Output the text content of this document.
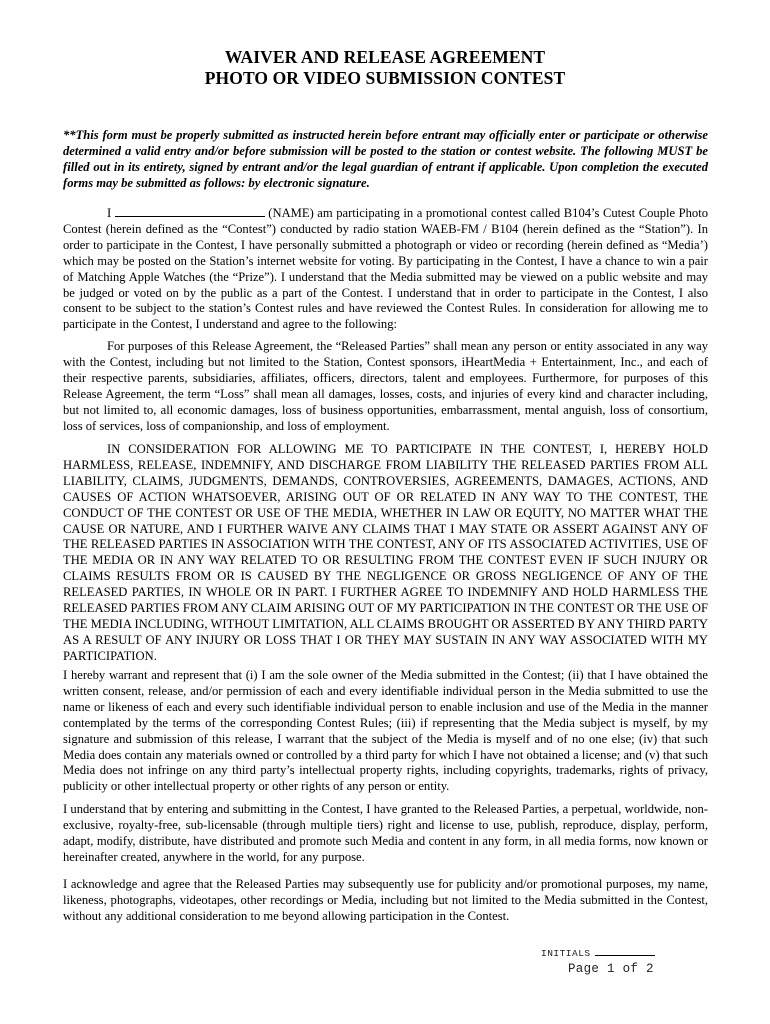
WAIVER AND RELEASE AGREEMENT
PHOTO OR VIDEO SUBMISSION CONTEST

**This form must be properly submitted as instructed herein before entrant may officially enter or participate or otherwise determined a valid entry and/or before submission will be posted to the station or contest website. The following MUST be filled out in its entirety, signed by entrant and/or the legal guardian of entrant if applicable. Upon completion the executed forms may be submitted as follows: by electronic signature.

I	(NAME) am participating in a promotional contest called B104’s Cutest Couple Photo Contest (herein defined as the “Contest”) conducted by radio station WAEB-FM / B104 (herein defined as the “Station”). In order to participate in the Contest, I have personally submitted a photograph or video or recording (herein defined as “Media’) which may be posted on the Station’s internet website for voting. By participating in the Contest, I have a chance to win a pair of Matching Apple Watches (the “Prize”). I understand that the Media submitted may be viewed on a public website and may be judged or voted on by the public as a part of the Contest. I understand that in order to participate in the Contest, I also consent to be subject to the station’s Contest rules and have reviewed the Contest Rules. In consideration for allowing me to participate in the Contest, I understand and agree to the following:

For purposes of this Release Agreement, the “Released Parties” shall mean any person or entity associated in any way with the Contest, including but not limited to the Station, Contest sponsors, iHeartMedia + Entertainment, Inc., and each of their respective parents, subsidiaries, affiliates, officers, directors, talent and employees. Furthermore, for purposes of this Release Agreement, the term “Loss” shall mean all damages, losses, costs, and injuries of every kind and character including, but not limited to, all economic damages, loss of business opportunities, embarrassment, mental anguish, loss of consortium, loss of services, loss of companionship, and loss of employment.

IN CONSIDERATION FOR ALLOWING ME TO PARTICIPATE IN THE CONTEST, I, HEREBY HOLD HARMLESS, RELEASE, INDEMNIFY, AND DISCHARGE FROM LIABILITY THE RELEASED PARTIES FROM ALL LIABILITY, CLAIMS, JUDGMENTS, DEMANDS, CONTROVERSIES, AGREEMENTS, DAMAGES, ACTIONS, AND CAUSES OF ACTION WHATSOEVER, ARISING OUT OF OR RELATED IN ANY WAY TO THE CONTEST, THE CONDUCT OF THE CONTEST OR USE OF THE MEDIA, WHETHER IN LAW OR EQUITY, NO MATTER WHAT THE CAUSE OR NATURE, AND I FURTHER WAIVE ANY CLAIMS THAT I MAY STATE OR ASSERT AGAINST ANY OF THE RELEASED PARTIES IN ASSOCIATION WITH THE CONTEST, ANY OF ITS ASSOCIATED ACTIVITIES, USE OF THE MEDIA OR IN ANY WAY RELATED TO OR RESULTING FROM THE CONTEST EVEN IF SUCH INJURY OR CLAIMS RESULTS FROM OR IS CAUSED BY THE NEGLIGENCE OR GROSS NEGLIGENCE OF ANY OF THE RELEASED PARTIES, IN WHOLE OR IN PART. I FURTHER AGREE TO INDEMNIFY AND HOLD HARMLESS THE RELEASED PARTIES FROM ANY CLAIM ARISING OUT OF MY PARTICIPATION IN THE CONTEST OR THE USE OF THE MEDIA INCLUDING, WITHOUT LIMITATION, ALL CLAIMS BROUGHT OR ASSERTED BY ANY THIRD PARTY AS A RESULT OF ANY INJURY OR LOSS THAT I OR THEY MAY SUSTAIN IN ANY WAY ASSOCIATED WITH MY PARTICIPATION.

I hereby warrant and represent that (i) I am the sole owner of the Media submitted in the Contest; (ii) that I have obtained the written consent, release, and/or permission of each and every identifiable individual person in the Media submitted to use the name or likeness of each and every such identifiable individual person to enable inclusion and use of the Media in the manner contemplated by the terms of the corresponding Contest Rules; (iii) if representing that the Media subject is myself, by my signature and submission of this release, I warrant that the subject of the Media is myself and of no one else; (iv) that such Media does contain any materials owned or controlled by a third party for which I have not obtained a license; and (v) that such Media does not infringe on any third party’s intellectual property rights, including copyrights, trademarks, rights of privacy, publicity or other intellectual property or other rights of any person or entity.

I understand that by entering and submitting in the Contest, I have granted to the Released Parties, a perpetual, worldwide, non-exclusive, royalty-free, sub-licensable (through multiple tiers) right and license to use, publish, reproduce, display, perform, adapt, modify, distribute, have distributed and promote such Media and content in any form, in all media forms, now known or hereinafter created, anywhere in the world, for any purpose.

I acknowledge and agree that the Released Parties may subsequently use for publicity and/or promotional purposes, my name, likeness, photographs, videotapes, other recordings or Media, including but not limited to the Media submitted in the Contest, without any additional consideration to me beyond allowing participation in the Contest.

INITIALS
Page 1 of 2
